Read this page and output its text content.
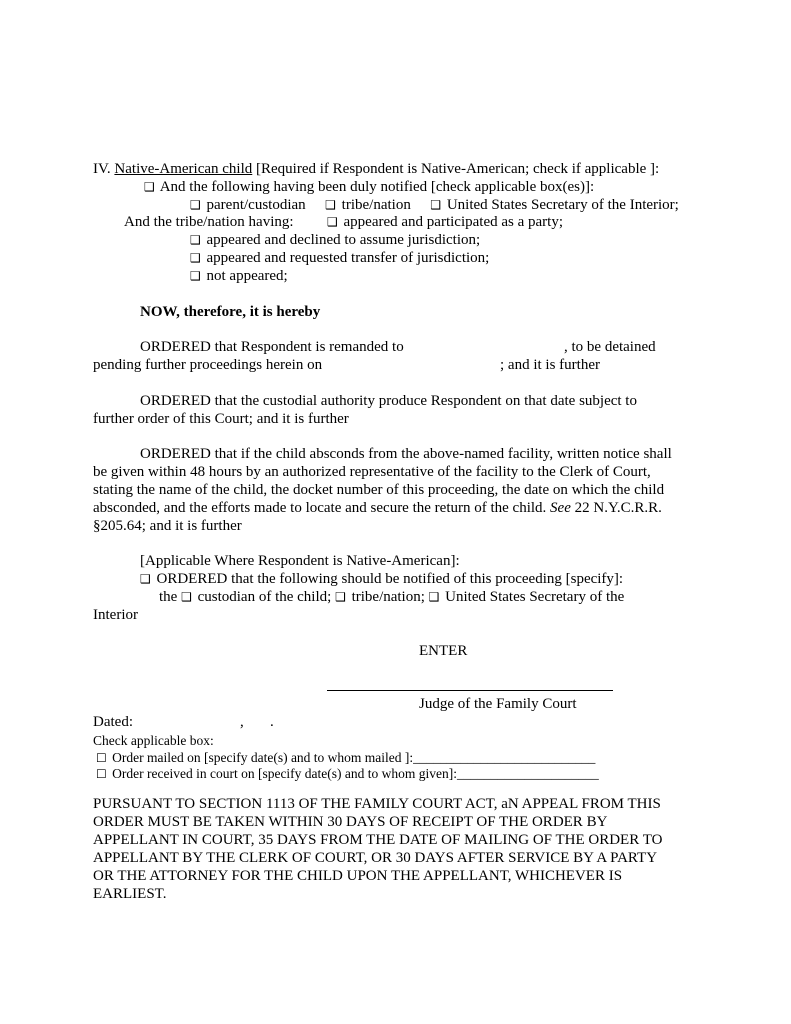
IV. Native-American child [Required if Respondent is Native-American; check if applicable ]:
❑ And the following having been duly notified [check applicable box(es)]:
❑ parent/custodian ❑ tribe/nation ❑ United States Secretary of the Interior;
And the tribe/nation having:	❑ appeared and participated as a party;
❑ appeared and declined to assume jurisdiction;
❑ appeared and requested transfer of jurisdiction;
❑ not appeared;
NOW, therefore, it is hereby
ORDERED that Respondent is remanded to	, to be detained
pending further proceedings herein on	; and it is further
ORDERED that the custodial authority produce Respondent on that date subject to
further order of this Court; and it is further
ORDERED that if the child absconds from the above-named facility, written notice shall
be given within 48 hours by an authorized representative of the facility to the Clerk of Court,
stating the name of the child, the docket number of this proceeding, the date on which the child
absconded, and the efforts made to locate and secure the return of the child. See 22 N.Y.C.R.R.
§205.64; and it is further
[Applicable Where Respondent is Native-American]:
❑ ORDERED that the following should be notified of this proceeding [specify]:
the ❑ custodian of the child; ❑ tribe/nation; ❑ United States Secretary of the
Interior
ENTER
Judge of the Family Court
Dated:	, .
Check applicable box:
☐ Order mailed on [specify date(s) and to whom mailed ]:___________________________
☐ Order received in court on [specify date(s) and to whom given]:_____________________
PURSUANT TO SECTION 1113 OF THE FAMILY COURT ACT, aN APPEAL FROM THIS
ORDER MUST BE TAKEN WITHIN 30 DAYS OF RECEIPT OF THE ORDER BY
APPELLANT IN COURT, 35 DAYS FROM THE DATE OF MAILING OF THE ORDER TO
APPELLANT BY THE CLERK OF COURT, OR 30 DAYS AFTER SERVICE BY A PARTY
OR THE ATTORNEY FOR THE CHILD UPON THE APPELLANT, WHICHEVER IS
EARLIEST.
